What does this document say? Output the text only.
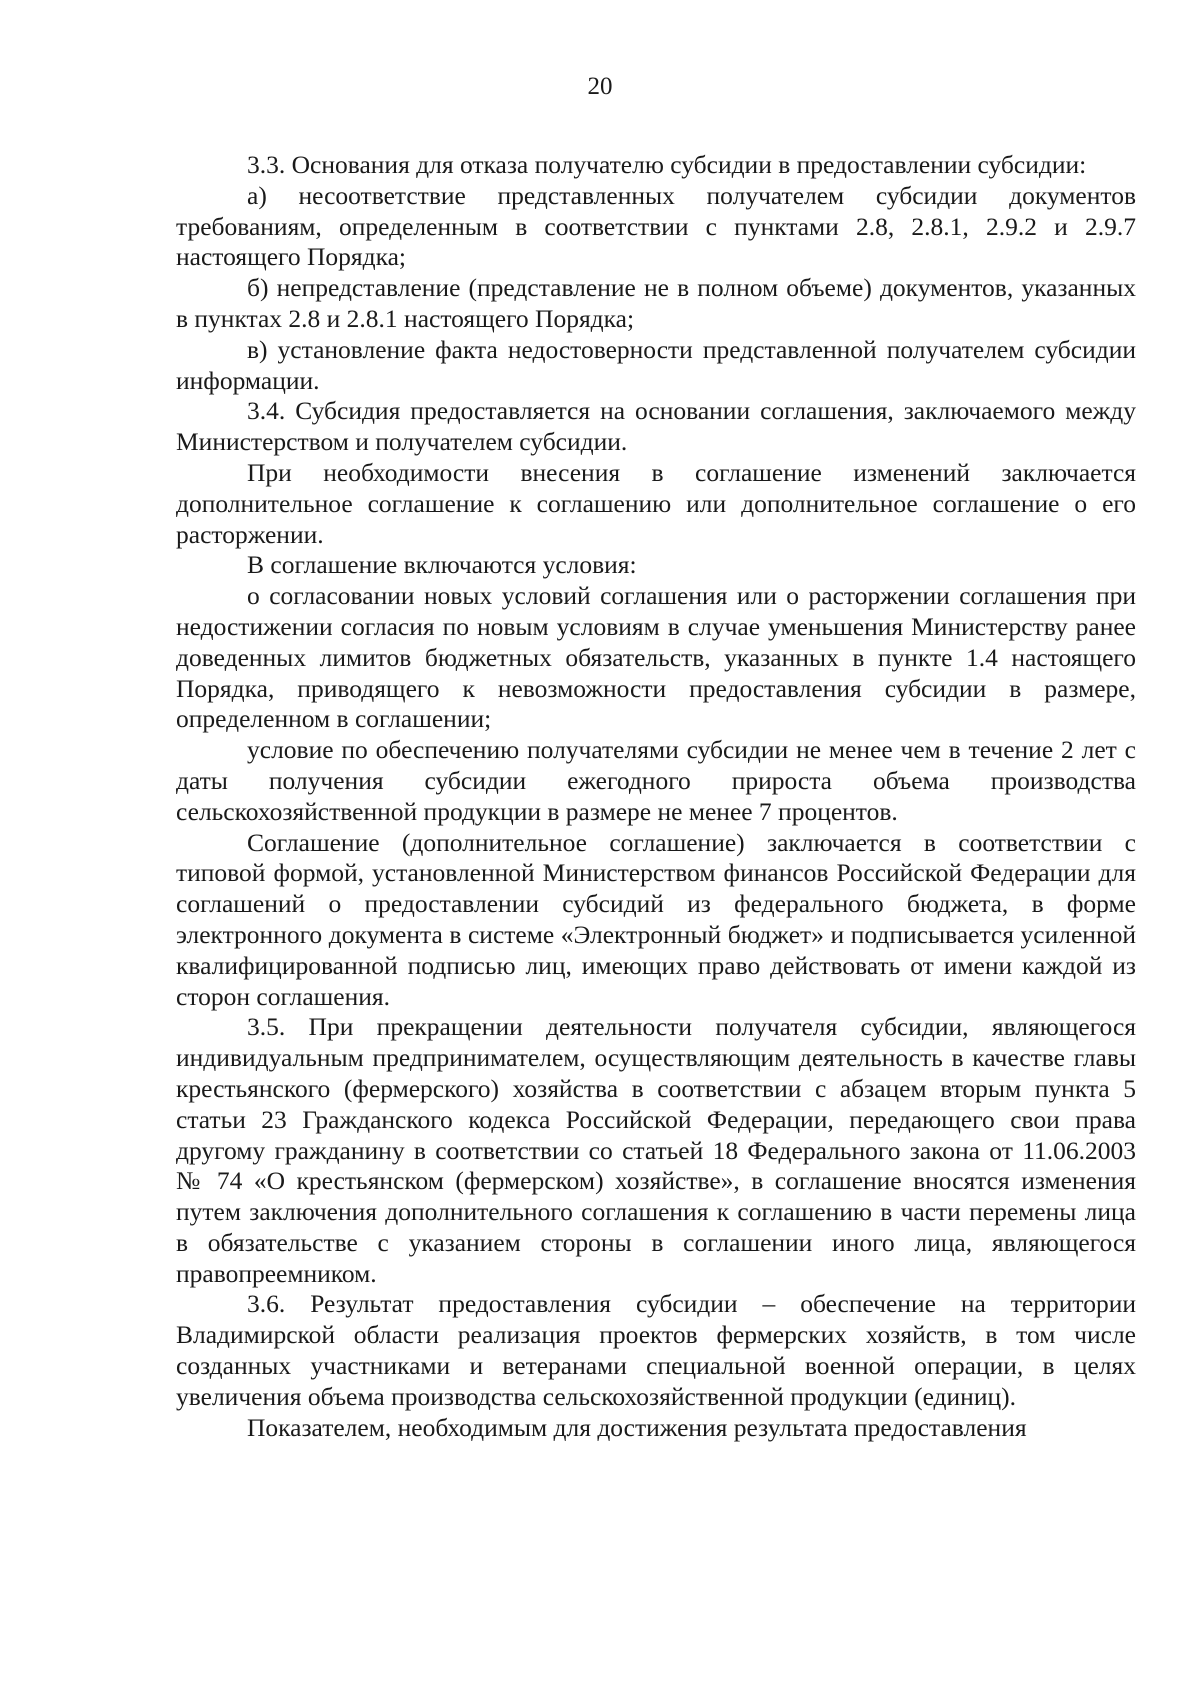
20

3.3. Основания для отказа получателю субсидии в предоставлении субсидии:

а) несоответствие представленных получателем субсидии документов требованиям, определенным в соответствии с пунктами 2.8, 2.8.1, 2.9.2 и 2.9.7 настоящего Порядка;

б) непредставление (представление не в полном объеме) документов, указанных в пунктах 2.8 и 2.8.1 настоящего Порядка;

в) установление факта недостоверности представленной получателем субсидии информации.

3.4. Субсидия предоставляется на основании соглашения, заключаемого между Министерством и получателем субсидии.

При необходимости внесения в соглашение изменений заключается дополнительное соглашение к соглашению или дополнительное соглашение о его расторжении.

В соглашение включаются условия:

о согласовании новых условий соглашения или о расторжении соглашения при недостижении согласия по новым условиям в случае уменьшения Министерству ранее доведенных лимитов бюджетных обязательств, указанных в пункте 1.4 настоящего Порядка, приводящего к невозможности предоставления субсидии в размере, определенном в соглашении;

условие по обеспечению получателями субсидии не менее чем в течение 2 лет с даты получения субсидии ежегодного прироста объема производства сельскохозяйственной продукции в размере не менее 7 процентов.

Соглашение (дополнительное соглашение) заключается в соответствии с типовой формой, установленной Министерством финансов Российской Федерации для соглашений о предоставлении субсидий из федерального бюджета, в форме электронного документа в системе «Электронный бюджет» и подписывается усиленной квалифицированной подписью лиц, имеющих право действовать от имени каждой из сторон соглашения.

3.5. При прекращении деятельности получателя субсидии, являющегося индивидуальным предпринимателем, осуществляющим деятельность в качестве главы крестьянского (фермерского) хозяйства в соответствии с абзацем вторым пункта 5 статьи 23 Гражданского кодекса Российской Федерации, передающего свои права другому гражданину в соответствии со статьей 18 Федерального закона от 11.06.2003 № 74 «О крестьянском (фермерском) хозяйстве», в соглашение вносятся изменения путем заключения дополнительного соглашения к соглашению в части перемены лица в обязательстве с указанием стороны в соглашении иного лица, являющегося правопреемником.

3.6. Результат предоставления субсидии – обеспечение на территории Владимирской области реализация проектов фермерских хозяйств, в том числе созданных участниками и ветеранами специальной военной операции, в целях увеличения объема производства сельскохозяйственной продукции (единиц).

Показателем, необходимым для достижения результата предоставления
